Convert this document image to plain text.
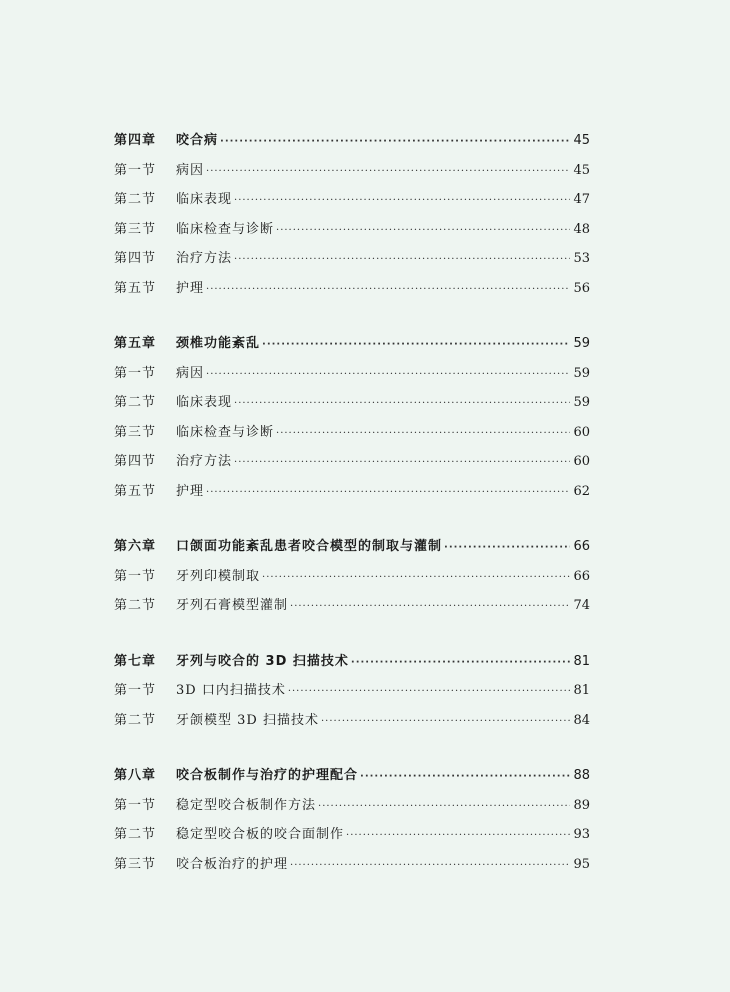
第四章	咬合病 ·····	45
第一节	病因 ·····	45
第二节	临床表现 ·····	47
第三节	临床检查与诊断 ·····	48
第四节	治疗方法 ·····	53
第五节	护理 ·····	56
第五章	颈椎功能紊乱 ·····	59
第一节	病因 ·····	59
第二节	临床表现 ·····	59
第三节	临床检查与诊断 ·····	60
第四节	治疗方法 ·····	60
第五节	护理 ·····	62
第六章	口颌面功能紊乱患者咬合模型的制取与灌制 ·····	66
第一节	牙列印模制取 ·····	66
第二节	牙列石膏模型灌制 ·····	74
第七章	牙列与咬合的 3D 扫描技术 ·····	81
第一节	3D 口内扫描技术 ·····	81
第二节	牙颌模型 3D 扫描技术 ·····	84
第八章	咬合板制作与治疗的护理配合 ·····	88
第一节	稳定型咬合板制作方法 ·····	89
第二节	稳定型咬合板的咬合面制作 ·····	93
第三节	咬合板治疗的护理 ·····	95
